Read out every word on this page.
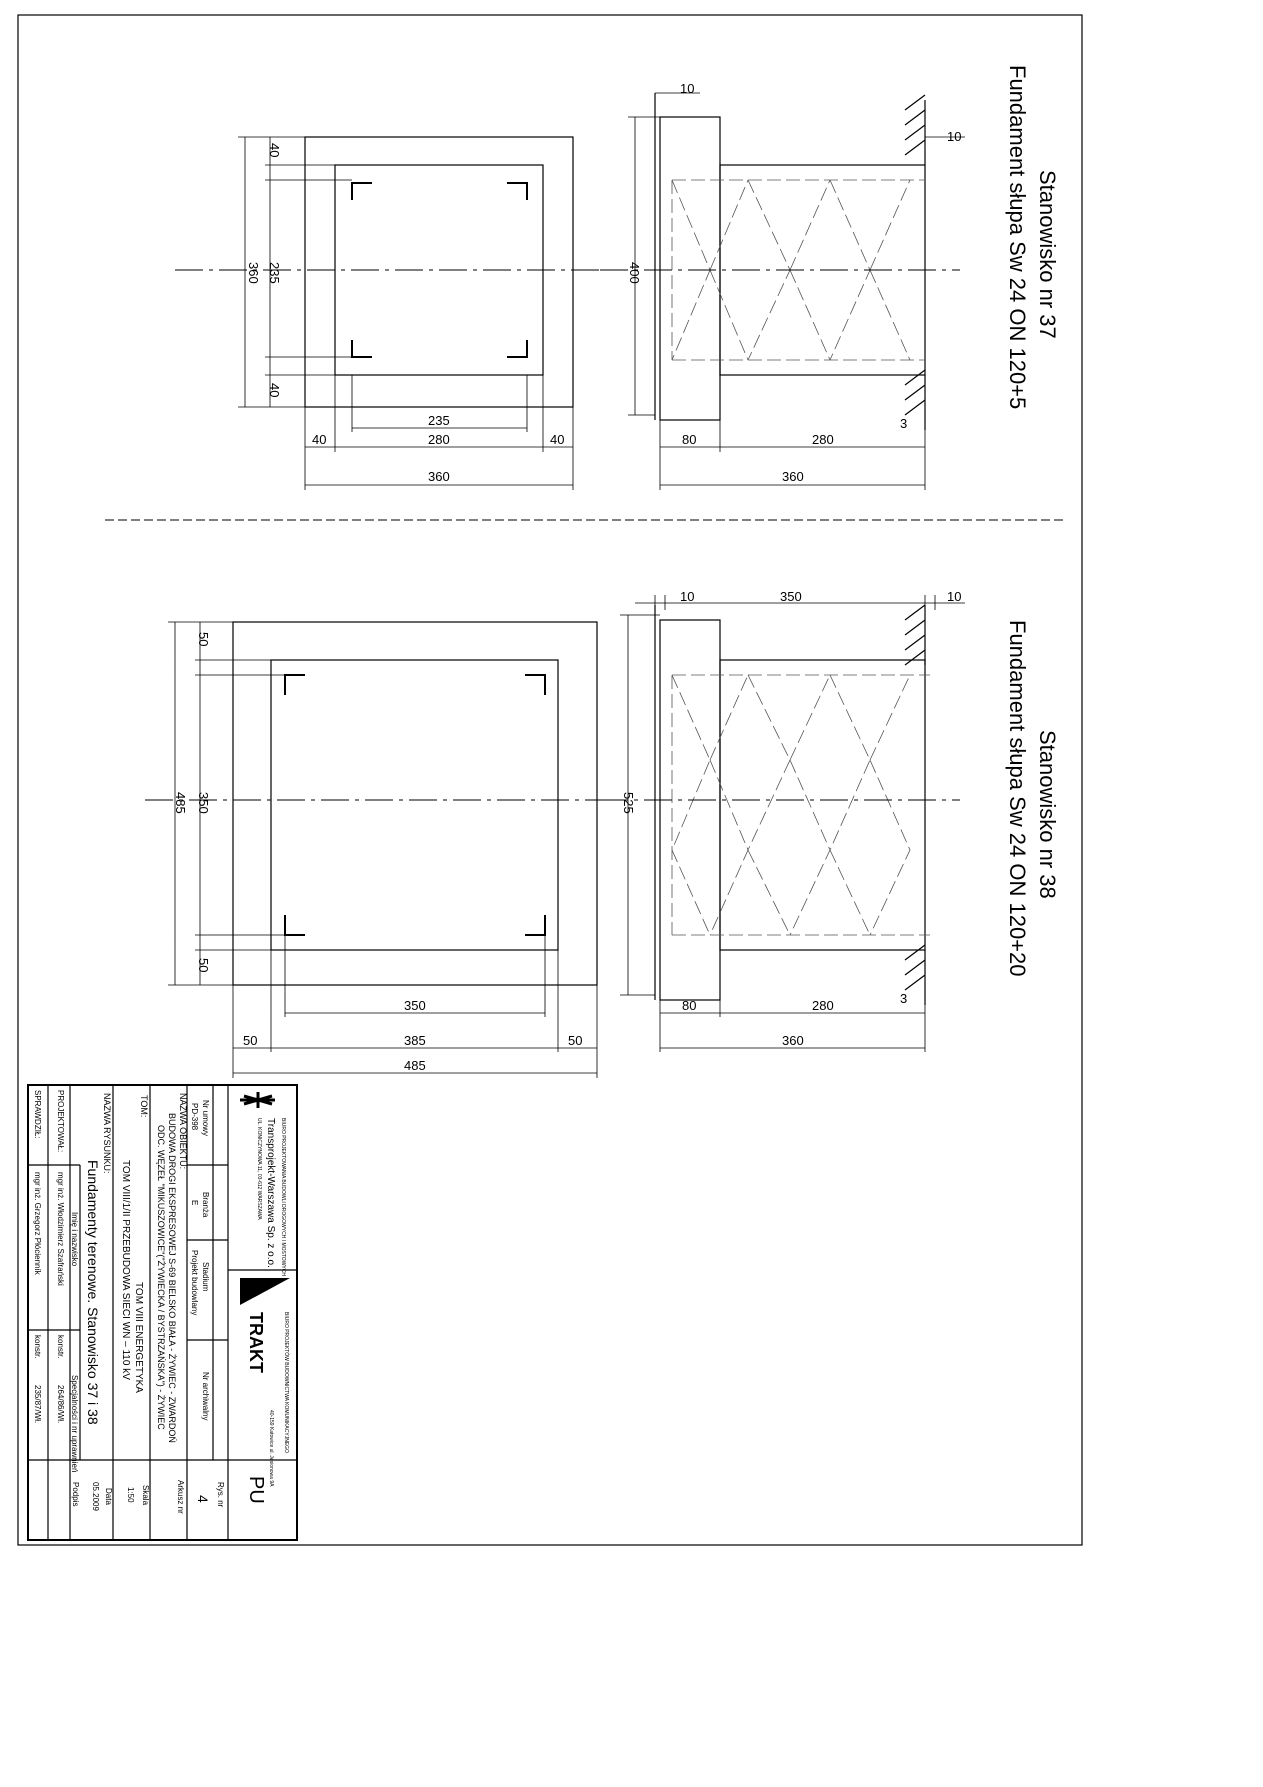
Stanowisko nr 37
Fundament słupa Sw 24 ON 120+5
360 235
40
40
235
280
40	40
360
400
10
10
3
80	280
360
Stanowisko nr 38
Fundament słupa Sw 24 ON 120+20
485 350
50
50
350
385
50	50
485
525
10	350	10
3
80	280
360
BIURO PROJEKTOWANIA BUDOWLI DROGOWYCH I MOSTOWYCH
Transprojekt-Warszawa Sp. z o.o.
UL. KONICZYNOWA 11, 03-612 WARSZAWA
BIURO PROJEKTÓW BUDOWNICTWA KOMUNIKACYJNEGO
TRAKT
40-159 Katowice ul. Jesionowa 9A
PU
Rys. nr
4
Arkusz nr
Skala
1:50
Data
05.2009
Podpis
Nr umowy
PD-398
Branża
E
Stadium
Projekt budowlany
Nr archiwalny
NAZWA OBIEKTU:
BUDOWA DROGI EKSPRESOWEJ S-69 BIELSKO BIAŁA - ŻYWIEC - ZWARDOŃ
ODC. WĘZEŁ "MIKUSZOWICE"("ŻYWIECKA / BYSTRZAŃSKA") - ŻYWIEC
TOM:
TOM VIII ENERGETYKA
TOM VIII/1/II PRZEBUDOWA SIECI WN – 110 kV
NAZWA RYSUNKU:
Fundamenty terenowe. Stanowisko 37 i 38
Imię i nazwisko
Specjalności i nr uprawnień
PROJEKTOWAŁ:
mgr inż. Włodzimierz Szafrański
konstr.
264/86/Wł.
SPRAWDZIŁ:
mgr inż. Grzegorz Płócienník
konstr.
235/87/Wł.
